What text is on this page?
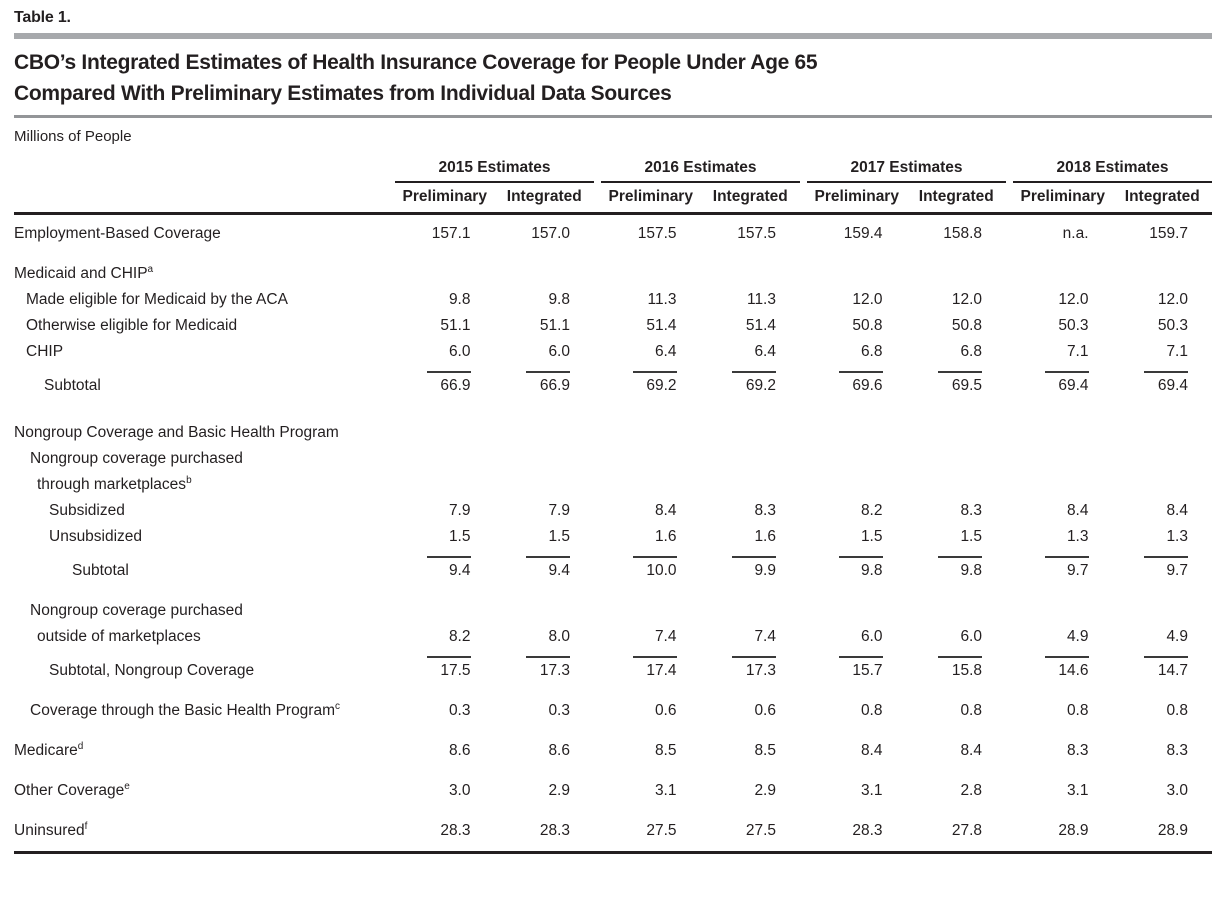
Table 1.
CBO’s Integrated Estimates of Health Insurance Coverage for People Under Age 65
Compared With Preliminary Estimates from Individual Data Sources
Millions of People
2015 Estimates	2016 Estimates	2017 Estimates	2018 Estimates
Preliminary	Integrated	Preliminary	Integrated	Preliminary	Integrated	Preliminary	Integrated
Employment-Based Coverage	157.1	157.0	157.5	157.5	159.4	158.8	n.a.	159.7
Medicaid and CHIP$^a$
Made eligible for Medicaid by the ACA	9.8	9.8	11.3	11.3	12.0	12.0	12.0	12.0
Otherwise eligible for Medicaid	51.1	51.1	51.4	51.4	50.8	50.8	50.3	50.3
CHIP	6.0	6.0	6.4	6.4	6.8	6.8	7.1	7.1
Subtotal	66.9	66.9	69.2	69.2	69.6	69.5	69.4	69.4
Nongroup Coverage and Basic Health Program
Nongroup coverage purchased
through marketplaces$^b$
Subsidized	7.9	7.9	8.4	8.3	8.2	8.3	8.4	8.4
Unsubsidized	1.5	1.5	1.6	1.6	1.5	1.5	1.3	1.3
Subtotal	9.4	9.4	10.0	9.9	9.8	9.8	9.7	9.7
Nongroup coverage purchased
outside of marketplaces	8.2	8.0	7.4	7.4	6.0	6.0	4.9	4.9
Subtotal, Nongroup Coverage	17.5	17.3	17.4	17.3	15.7	15.8	14.6	14.7
Coverage through the Basic Health Program$^c$	0.3	0.3	0.6	0.6	0.8	0.8	0.8	0.8
Medicare$^d$	8.6	8.6	8.5	8.5	8.4	8.4	8.3	8.3
Other Coverage$^e$	3.0	2.9	3.1	2.9	3.1	2.8	3.1	3.0
Uninsured$^f$	28.3	28.3	27.5	27.5	28.3	27.8	28.9	28.9
